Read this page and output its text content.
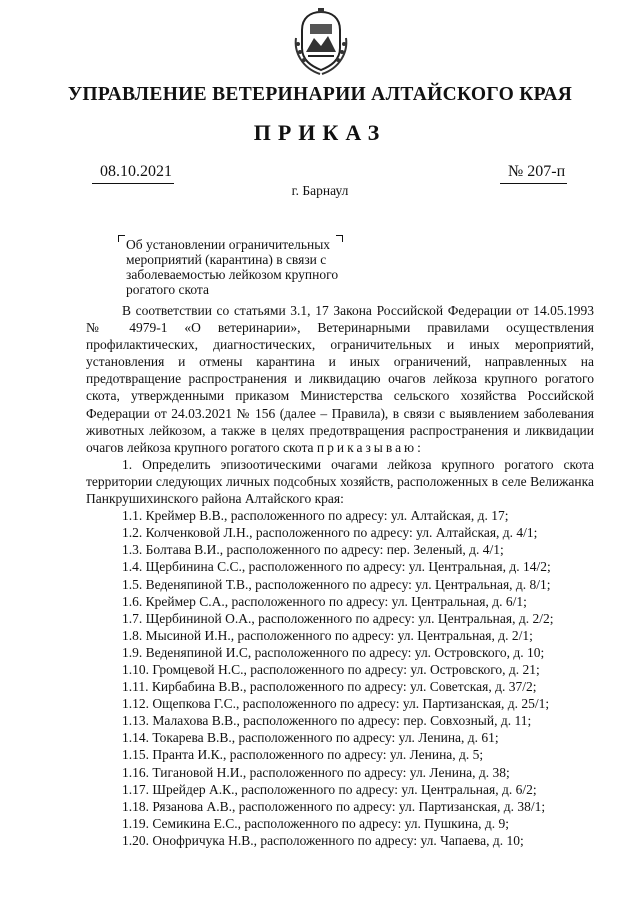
УПРАВЛЕНИЕ ВЕТЕРИНАРИИ АЛТАЙСКОГО КРАЯ
ПРИКАЗ
08.10.2021	№ 207-п
г. Барнаул
Об установлении ограничительных мероприятий (карантина) в связи с заболеваемостью лейкозом крупного рогатого скота

В соответствии со статьями 3.1, 17 Закона Российской Федерации от 14.05.1993 № 4979-1 «О ветеринарии», Ветеринарными правилами осуществления профилактических, диагностических, ограничительных и иных мероприятий, установления и отмены карантина и иных ограничений, направленных на предотвращение распространения и ликвидацию очагов лейкоза крупного рогатого скота, утвержденными приказом Министерства сельского хозяйства Российской Федерации от 24.03.2021 № 156 (далее – Правила), в связи с выявлением заболевания животных лейкозом, а также в целях предотвращения распространения и ликвидации очагов лейкоза крупного рогатого скота приказываю:

1. Определить эпизоотическими очагами лейкоза крупного рогатого скота территории следующих личных подсобных хозяйств, расположенных в селе Велижанка Панкрушихинского района Алтайского края:

1.1. Креймер В.В., расположенного по адресу: ул. Алтайская, д. 17;
1.2. Колченковой Л.Н., расположенного по адресу: ул. Алтайская, д. 4/1;
1.3. Болтава В.И., расположенного по адресу: пер. Зеленый, д. 4/1;
1.4. Щербинина С.С., расположенного по адресу: ул. Центральная, д. 14/2;
1.5. Веденяпиной Т.В., расположенного по адресу: ул. Центральная, д. 8/1;
1.6. Креймер С.А., расположенного по адресу: ул. Центральная, д. 6/1;
1.7. Щербининой О.А., расположенного по адресу: ул. Центральная, д. 2/2;
1.8. Мысиной И.Н., расположенного по адресу: ул. Центральная, д. 2/1;
1.9. Веденяпиной И.С, расположенного по адресу: ул. Островского, д. 10;
1.10. Громцевой Н.С., расположенного по адресу: ул. Островского, д. 21;
1.11. Кирбабина В.В., расположенного по адресу: ул. Советская, д. 37/2;
1.12. Ощепкова Г.С., расположенного по адресу: ул. Партизанская, д. 25/1;
1.13. Малахова В.В., расположенного по адресу: пер. Совхозный, д. 11;
1.14. Токарева В.В., расположенного по адресу: ул. Ленина, д. 61;
1.15. Пранта И.К., расположенного по адресу: ул. Ленина, д. 5;
1.16. Тигановой Н.И., расположенного по адресу: ул. Ленина, д. 38;
1.17. Шрейдер А.К., расположенного по адресу: ул. Центральная, д. 6/2;
1.18. Рязанова А.В., расположенного по адресу: ул. Партизанская, д. 38/1;
1.19. Семикина Е.С., расположенного по адресу: ул. Пушкина, д. 9;
1.20. Онофричука Н.В., расположенного по адресу: ул. Чапаева, д. 10;
